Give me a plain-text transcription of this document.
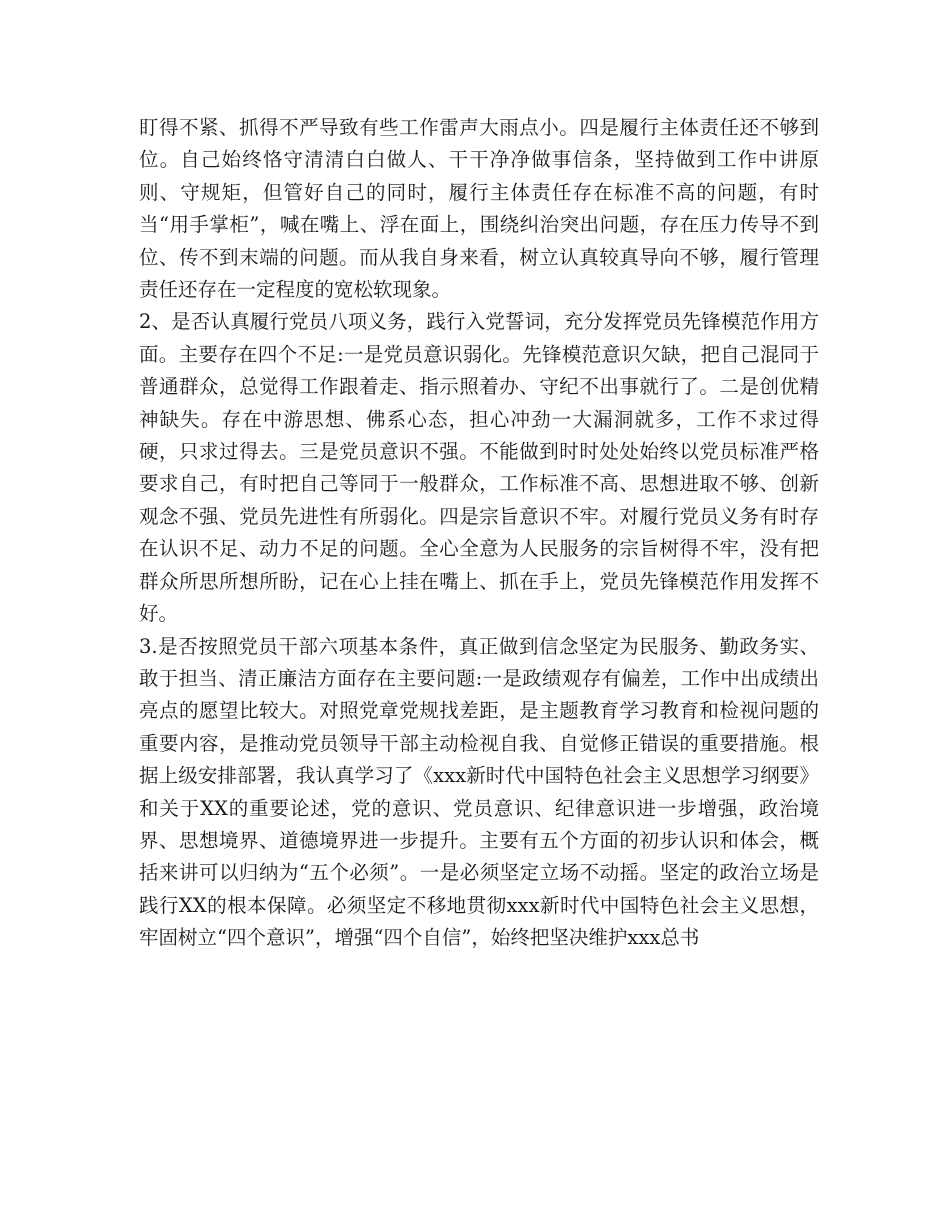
盯得不紧、抓得不严导致有些工作雷声大雨点小。四是履行主体责任还不够到位。自己始终恪守清清白白做人、干干净净做事信条，坚持做到工作中讲原则、守规矩，但管好自己的同时，履行主体责任存在标准不高的问题，有时当“用手掌柜”，喊在嘴上、浮在面上，围绕纠治突出问题，存在压力传导不到位、传不到末端的问题。而从我自身来看，树立认真较真导向不够，履行管理责任还存在一定程度的宽松软现象。

2、是否认真履行党员八项义务，践行入党誓词，充分发挥党员先锋模范作用方面。主要存在四个不足:一是党员意识弱化。先锋模范意识欠缺，把自己混同于普通群众，总觉得工作跟着走、指示照着办、守纪不出事就行了。二是创优精神缺失。存在中游思想、佛系心态，担心冲劲一大漏洞就多，工作不求过得硬，只求过得去。三是党员意识不强。不能做到时时处处始终以党员标准严格要求自己，有时把自己等同于一般群众，工作标准不高、思想进取不够、创新观念不强、党员先进性有所弱化。四是宗旨意识不牢。对履行党员义务有时存在认识不足、动力不足的问题。全心全意为人民服务的宗旨树得不牢，没有把群众所思所想所盼，记在心上挂在嘴上、抓在手上，党员先锋模范作用发挥不好。

3.是否按照党员干部六项基本条件，真正做到信念坚定为民服务、勤政务实、敢于担当、清正廉洁方面存在主要问题:一是政绩观存有偏差，工作中出成绩出亮点的愿望比较大。对照党章党规找差距，是主题教育学习教育和检视问题的重要内容，是推动党员领导干部主动检视自我、自觉修正错误的重要措施。根据上级安排部署，我认真学习了《xxx新时代中国特色社会主义思想学习纲要》和关于XX的重要论述，党的意识、党员意识、纪律意识进一步增强，政治境界、思想境界、道德境界进一步提升。主要有五个方面的初步认识和体会，概括来讲可以归纳为“五个必须”。一是必须坚定立场不动摇。坚定的政治立场是践行XX的根本保障。必须坚定不移地贯彻xxx新时代中国特色社会主义思想，牢固树立“四个意识”，增强“四个自信”，始终把坚决维护xxx总书
